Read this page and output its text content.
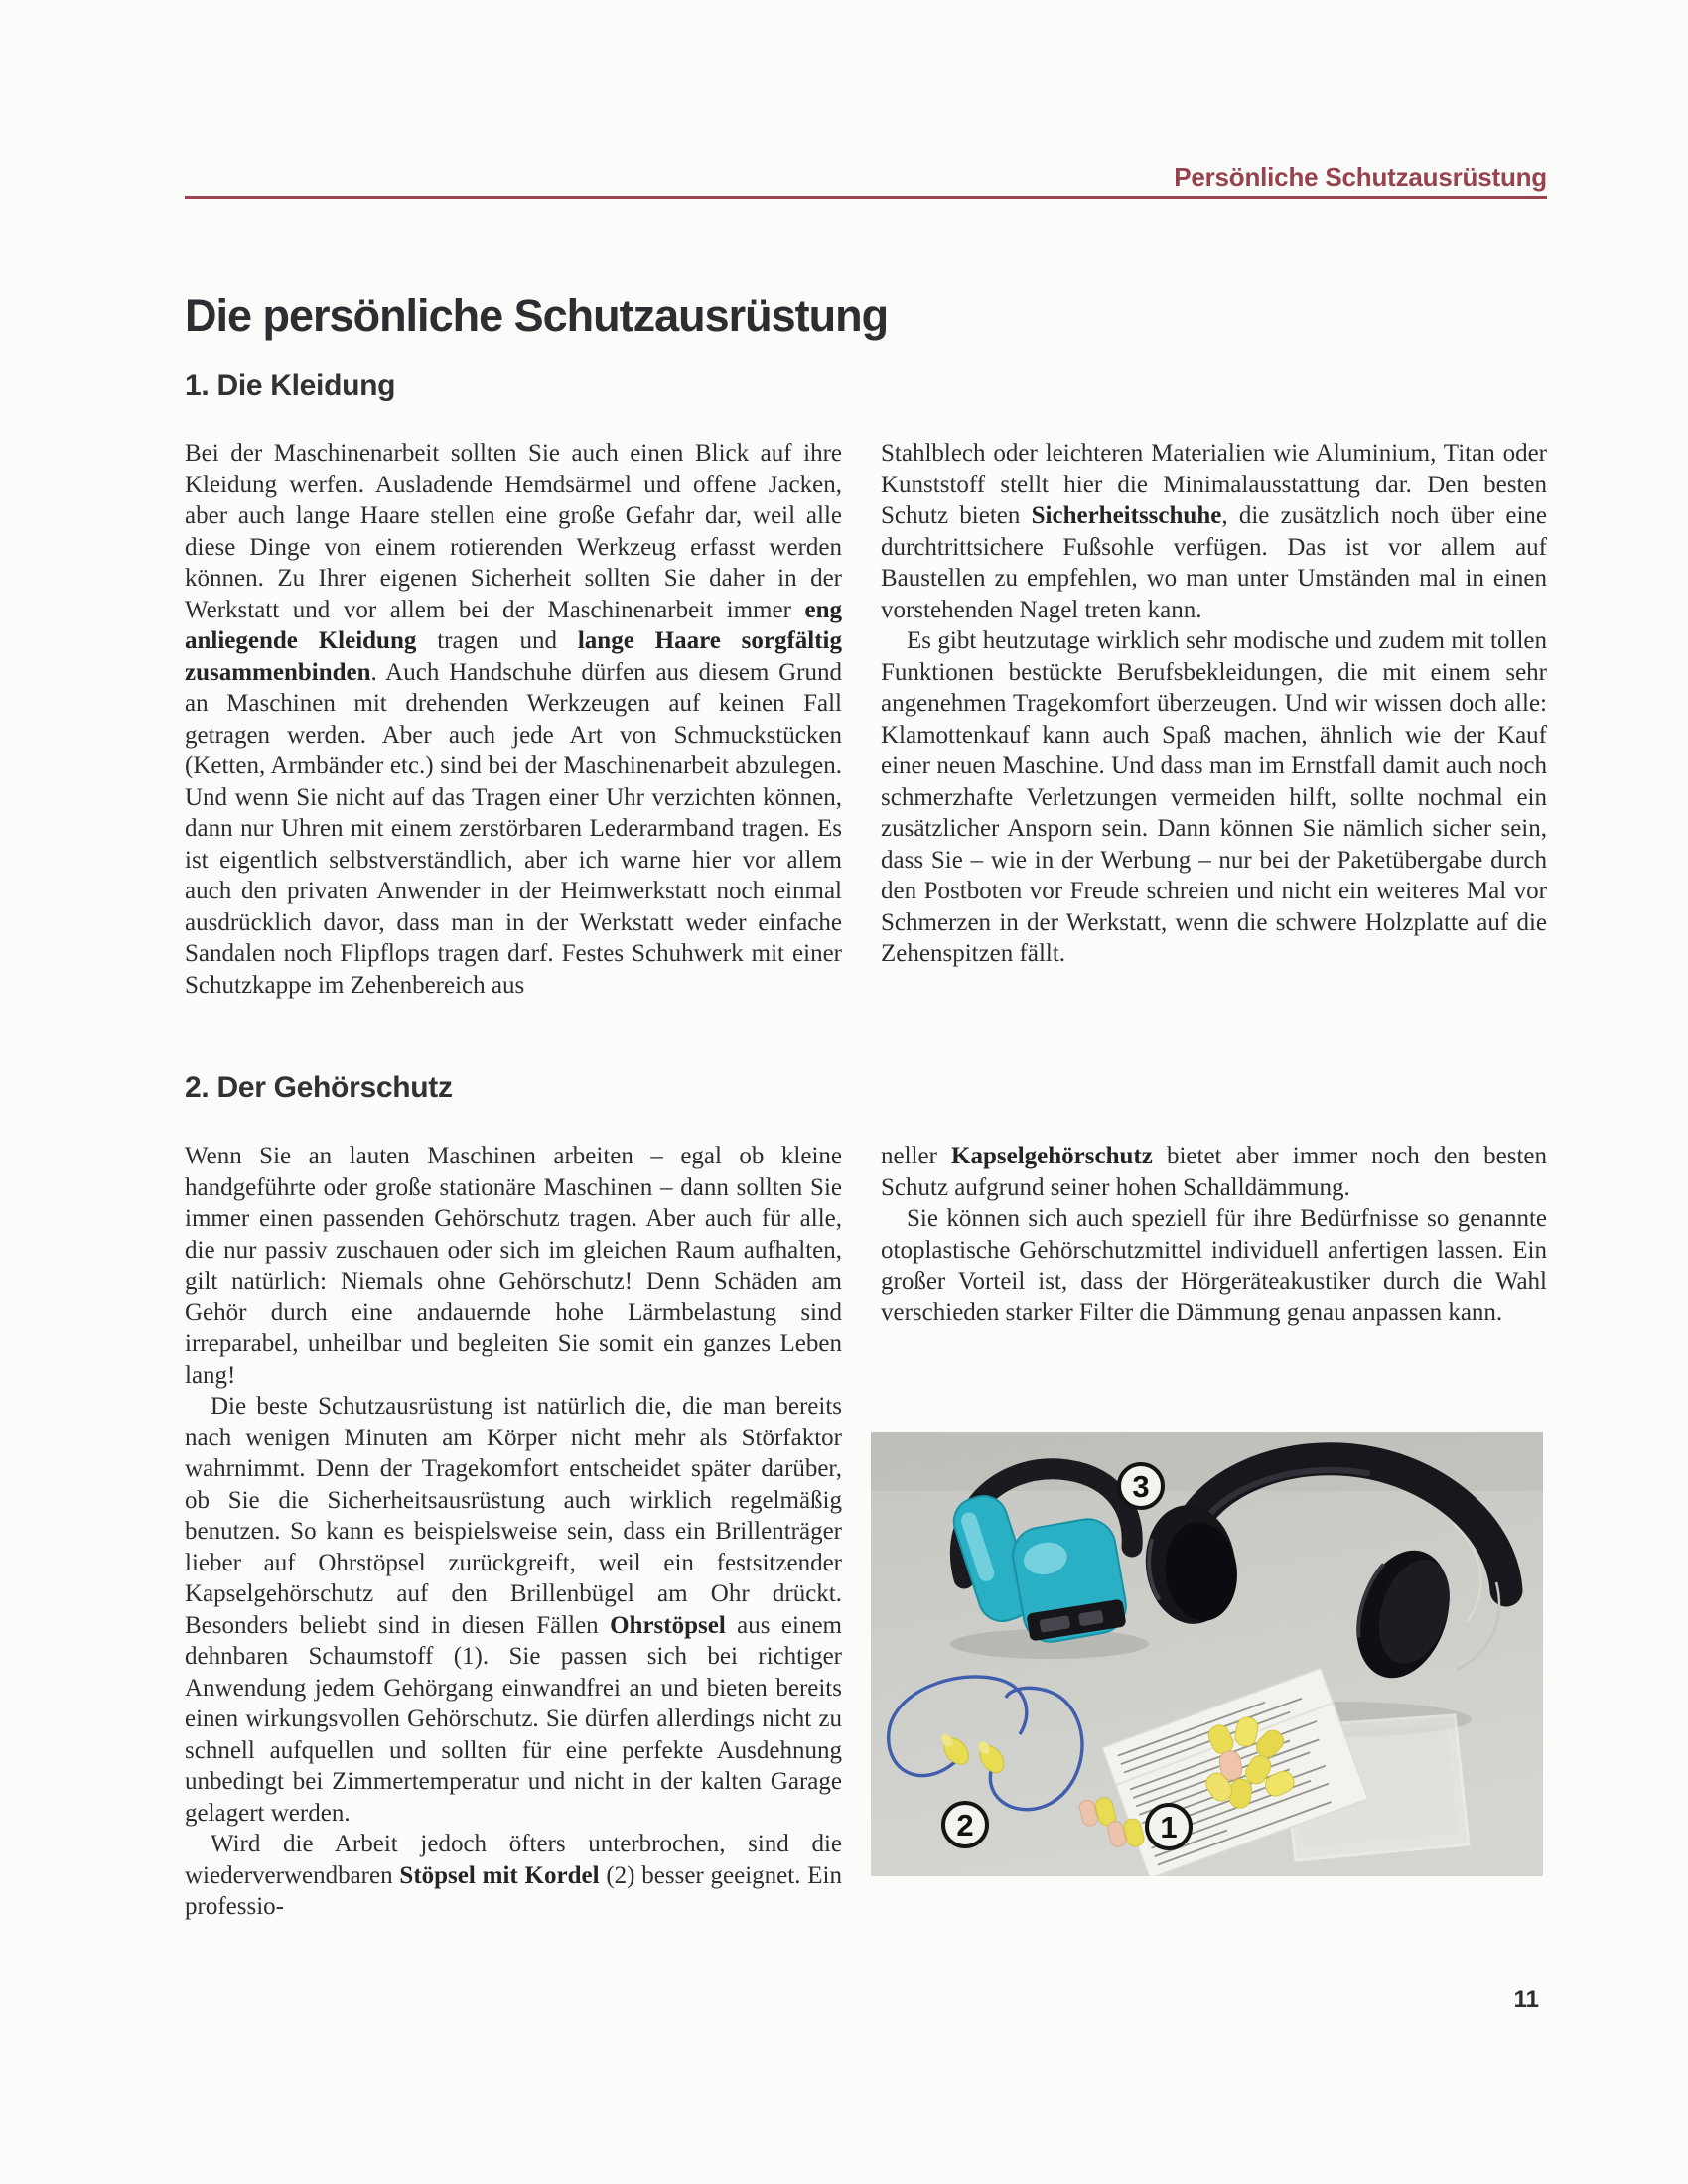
Persönliche Schutzausrüstung
Die persönliche Schutzausrüstung
1. Die Kleidung

Bei der Maschinenarbeit sollten Sie auch einen Blick auf ihre Kleidung werfen. Ausladende Hemdsärmel und offene Jacken, aber auch lange Haare stellen eine große Gefahr dar, weil alle diese Dinge von einem rotierenden Werkzeug erfasst werden können. Zu Ihrer eigenen Sicherheit sollten Sie daher in der Werkstatt und vor allem bei der Maschinenarbeit immer eng anliegende Kleidung tragen und lange Haare sorgfältig zusammenbinden. Auch Handschuhe dürfen aus diesem Grund an Maschinen mit drehenden Werkzeugen auf keinen Fall getragen werden. Aber auch jede Art von Schmuckstücken (Ketten, Armbänder etc.) sind bei der Maschinenarbeit abzulegen. Und wenn Sie nicht auf das Tragen einer Uhr verzichten können, dann nur Uhren mit einem zerstörbaren Lederarmband tragen. Es ist eigentlich selbstverständlich, aber ich warne hier vor allem auch den privaten Anwender in der Heimwerkstatt noch einmal ausdrücklich davor, dass man in der Werkstatt weder einfache Sandalen noch Flipflops tragen darf. Festes Schuhwerk mit einer Schutzkappe im Zehenbereich aus

Stahlblech oder leichteren Materialien wie Aluminium, Titan oder Kunststoff stellt hier die Minimalausstattung dar. Den besten Schutz bieten Sicherheitsschuhe, die zusätzlich noch über eine durchtrittsichere Fußsohle verfügen. Das ist vor allem auf Baustellen zu empfehlen, wo man unter Umständen mal in einen vorstehenden Nagel treten kann.

Es gibt heutzutage wirklich sehr modische und zudem mit tollen Funktionen bestückte Berufsbekleidungen, die mit einem sehr angenehmen Tragekomfort überzeugen. Und wir wissen doch alle: Klamottenkauf kann auch Spaß machen, ähnlich wie der Kauf einer neuen Maschine. Und dass man im Ernstfall damit auch noch schmerzhafte Verletzungen vermeiden hilft, sollte nochmal ein zusätzlicher Ansporn sein. Dann können Sie nämlich sicher sein, dass Sie – wie in der Werbung – nur bei der Paketübergabe durch den Postboten vor Freude schreien und nicht ein weiteres Mal vor Schmerzen in der Werkstatt, wenn die schwere Holzplatte auf die Zehenspitzen fällt.

2. Der Gehörschutz

Wenn Sie an lauten Maschinen arbeiten – egal ob kleine handgeführte oder große stationäre Maschinen – dann sollten Sie immer einen passenden Gehörschutz tragen. Aber auch für alle, die nur passiv zuschauen oder sich im gleichen Raum aufhalten, gilt natürlich: Niemals ohne Gehörschutz! Denn Schäden am Gehör durch eine andauernde hohe Lärmbelastung sind irreparabel, unheilbar und begleiten Sie somit ein ganzes Leben lang!

Die beste Schutzausrüstung ist natürlich die, die man bereits nach wenigen Minuten am Körper nicht mehr als Störfaktor wahrnimmt. Denn der Tragekomfort entscheidet später darüber, ob Sie die Sicherheitsausrüstung auch wirklich regelmäßig benutzen. So kann es beispielsweise sein, dass ein Brillenträger lieber auf Ohrstöpsel zurückgreift, weil ein festsitzender Kapselgehörschutz auf den Brillenbügel am Ohr drückt. Besonders beliebt sind in diesen Fällen Ohrstöpsel aus einem dehnbaren Schaumstoff (1). Sie passen sich bei richtiger Anwendung jedem Gehörgang einwandfrei an und bieten bereits einen wirkungsvollen Gehörschutz. Sie dürfen allerdings nicht zu schnell aufquellen und sollten für eine perfekte Ausdehnung unbedingt bei Zimmertemperatur und nicht in der kalten Garage gelagert werden.

Wird die Arbeit jedoch öfters unterbrochen, sind die wiederverwendbaren Stöpsel mit Kordel (2) besser geeignet. Ein professio-

neller Kapselgehörschutz bietet aber immer noch den besten Schutz aufgrund seiner hohen Schalldämmung.

Sie können sich auch speziell für ihre Bedürfnisse so genannte otoplastische Gehörschutzmittel individuell anfertigen lassen. Ein großer Vorteil ist, dass der Hörgeräteakustiker durch die Wahl verschieden starker Filter die Dämmung genau anpassen kann.

3
2	1
11
